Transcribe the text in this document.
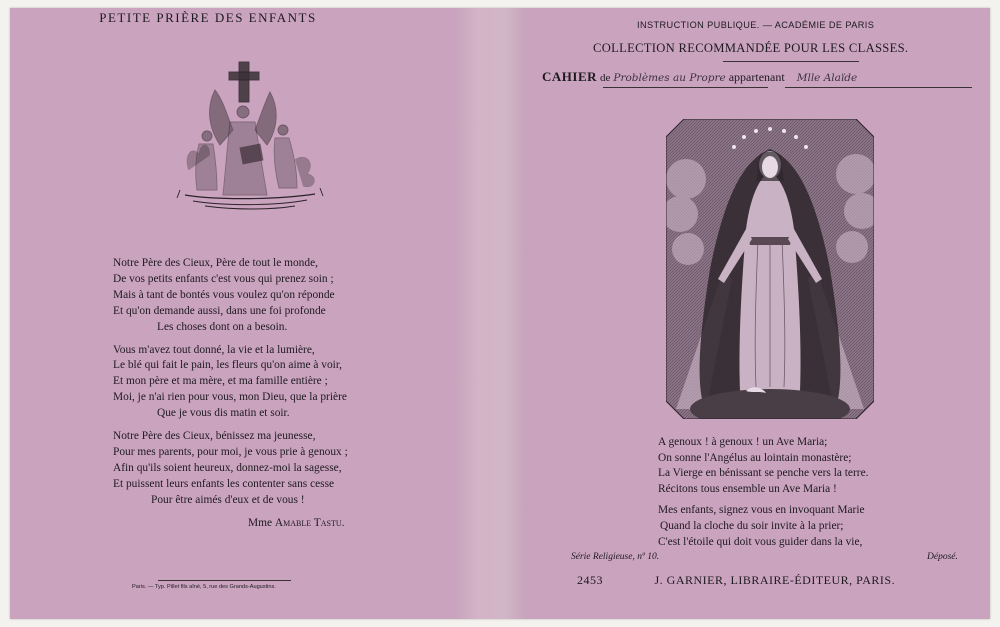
PETITE PRIÈRE DES ENFANTS
Notre Père des Cieux, Père de tout le monde,
De vos petits enfants c'est vous qui prenez soin ;
Mais à tant de bontés vous voulez qu'on réponde
Et qu'on demande aussi, dans une foi profonde
Les choses dont on a besoin.
Vous m'avez tout donné, la vie et la lumière,
Le blé qui fait le pain, les fleurs qu'on aime à voir,
Et mon père et ma mère, et ma famille entière ;
Moi, je n'ai rien pour vous, mon Dieu, que la prière
Que je vous dis matin et soir.
Notre Père des Cieux, bénissez ma jeunesse,
Pour mes parents, pour moi, je vous prie à genoux ;
Afin qu'ils soient heureux, donnez-moi la sagesse,
Et puissent leurs enfants les contenter sans cesse
Pour être aimés d'eux et de vous !
Mme Amable Tastu.
Paris. — Typ. Pillet fils aîné, 5, rue des Grands-Augustins.
INSTRUCTION PUBLIQUE. — ACADÉMIE DE PARIS
COLLECTION RECOMMANDÉE POUR LES CLASSES.
CAHIER de Problèmes au Propre appartenant Mlle Alaïde
A genoux ! à genoux ! un Ave Maria;
On sonne l'Angélus au lointain monastère;
La Vierge en bénissant se penche vers la terre.
Récitons tous ensemble un Ave Maria !
Mes enfants, signez vous en invoquant Marie
Quand la cloche du soir invite à la prier;
C'est l'étoile qui doit vous guider dans la vie,
Série Religieuse, nº 10.	Déposé.
2453	J. GARNIER, LIBRAIRE-ÉDITEUR, PARIS.
